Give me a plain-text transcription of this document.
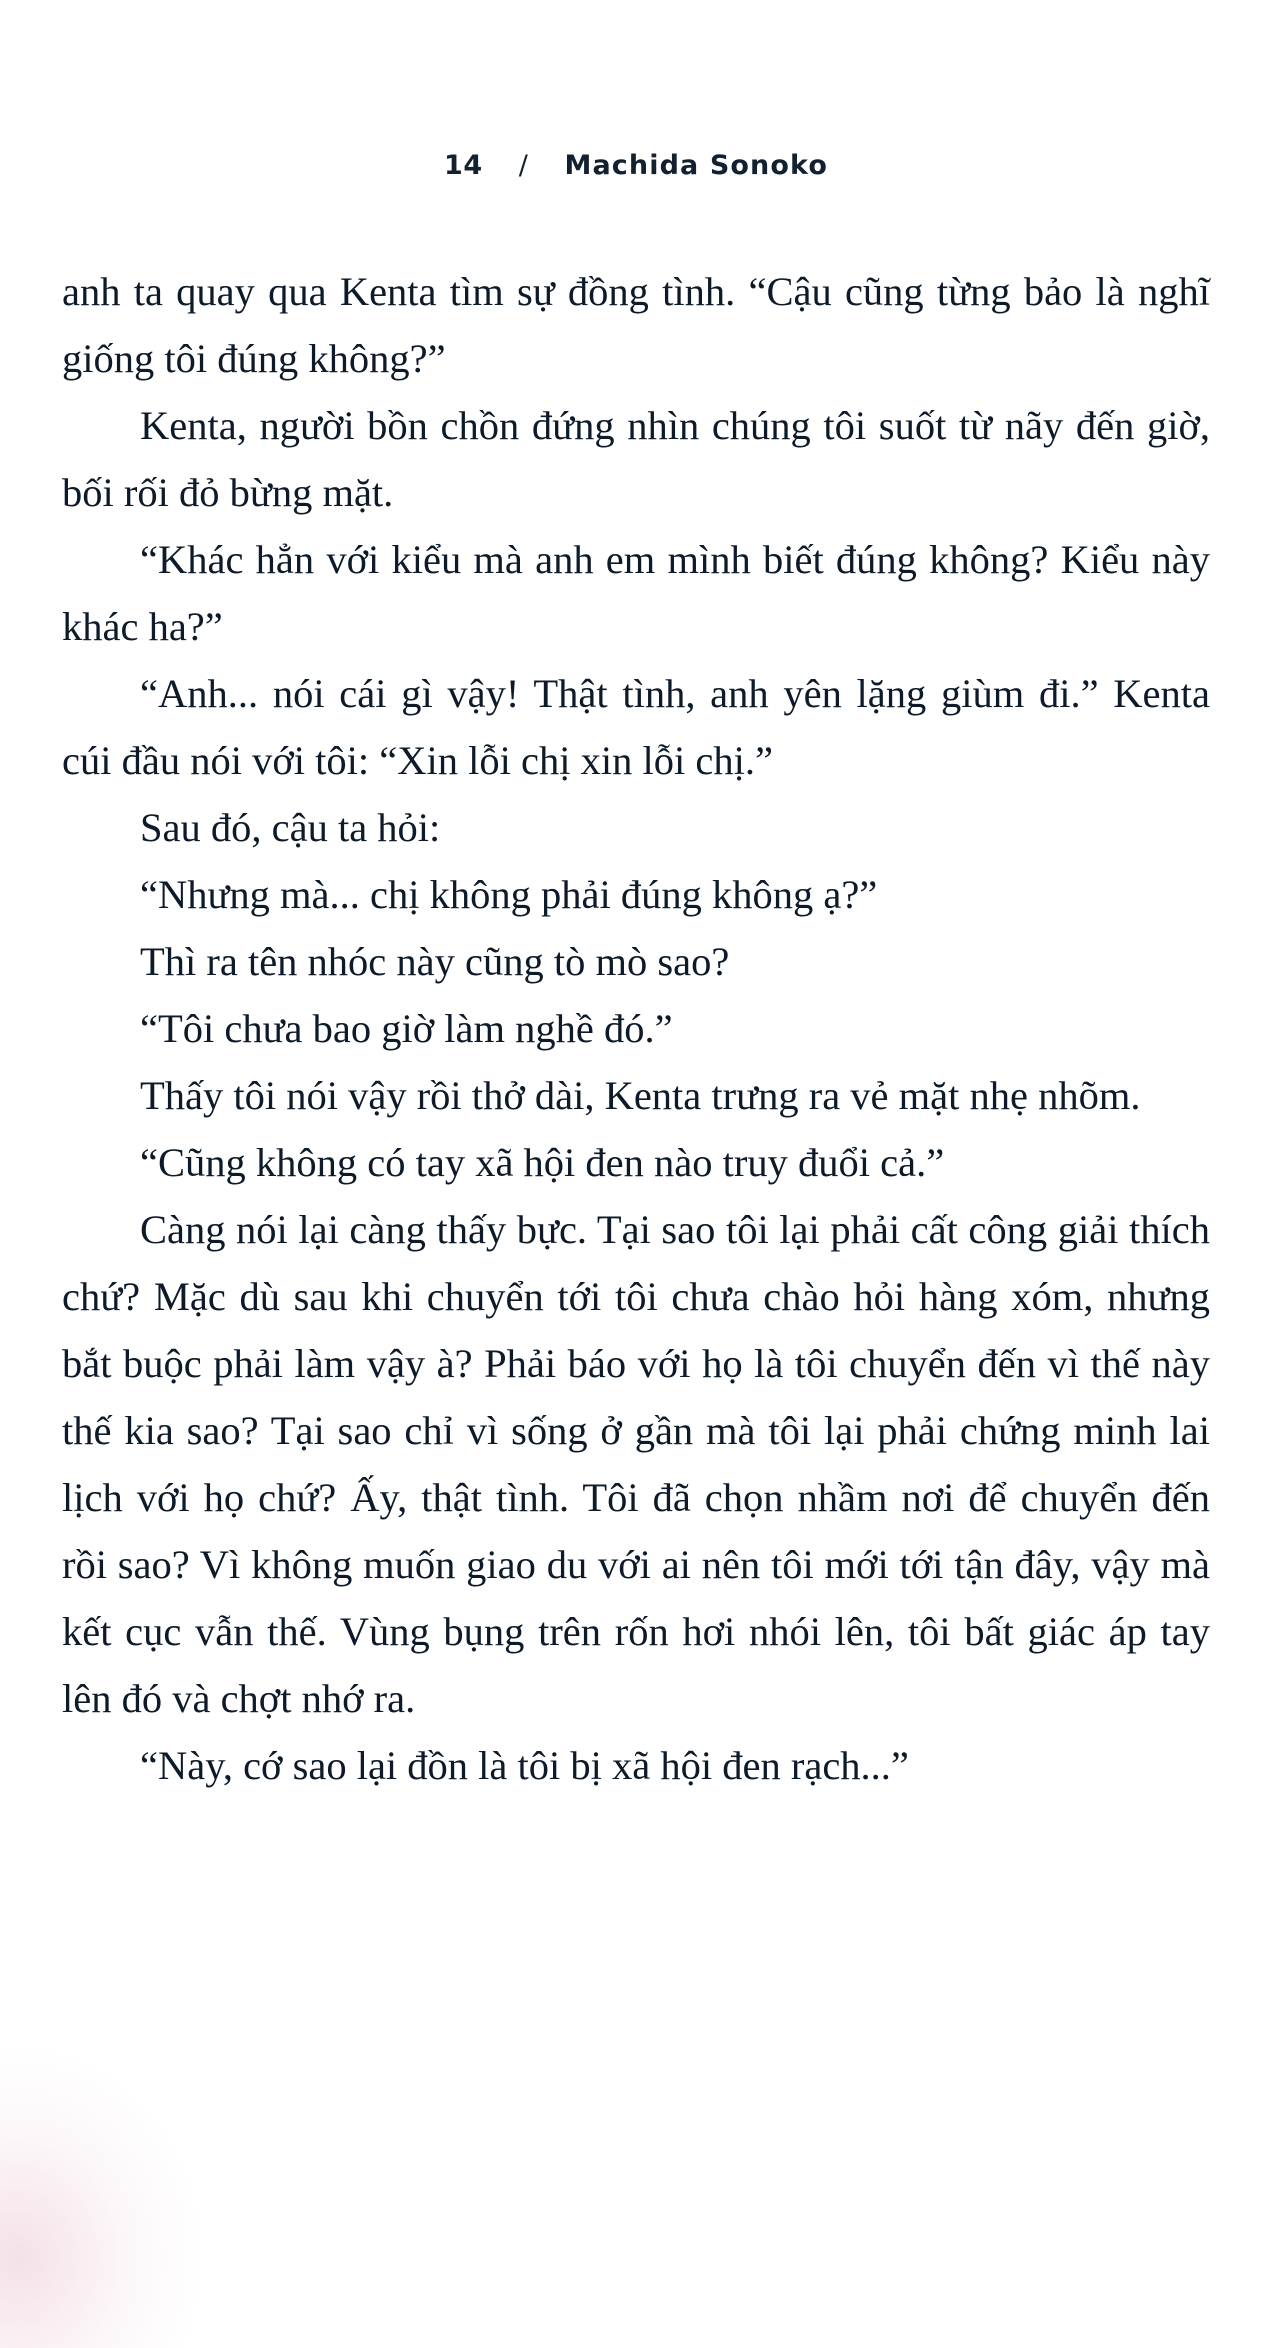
14 / Machida Sonoko

anh ta quay qua Kenta tìm sự đồng tình. “Cậu cũng từng bảo là nghĩ giống tôi đúng không?”

Kenta, người bồn chồn đứng nhìn chúng tôi suốt từ nãy đến giờ, bối rối đỏ bừng mặt.

“Khác hẳn với kiểu mà anh em mình biết đúng không? Kiểu này khác ha?”

“Anh... nói cái gì vậy! Thật tình, anh yên lặng giùm đi.” Kenta cúi đầu nói với tôi: “Xin lỗi chị xin lỗi chị.”

Sau đó, cậu ta hỏi:

“Nhưng mà... chị không phải đúng không ạ?”

Thì ra tên nhóc này cũng tò mò sao?

“Tôi chưa bao giờ làm nghề đó.”

Thấy tôi nói vậy rồi thở dài, Kenta trưng ra vẻ mặt nhẹ nhõm.

“Cũng không có tay xã hội đen nào truy đuổi cả.”

Càng nói lại càng thấy bực. Tại sao tôi lại phải cất công giải thích chứ? Mặc dù sau khi chuyển tới tôi chưa chào hỏi hàng xóm, nhưng bắt buộc phải làm vậy à? Phải báo với họ là tôi chuyển đến vì thế này thế kia sao? Tại sao chỉ vì sống ở gần mà tôi lại phải chứng minh lai lịch với họ chứ? Ấy, thật tình. Tôi đã chọn nhầm nơi để chuyển đến rồi sao? Vì không muốn giao du với ai nên tôi mới tới tận đây, vậy mà kết cục vẫn thế. Vùng bụng trên rốn hơi nhói lên, tôi bất giác áp tay lên đó và chợt nhớ ra.

“Này, cớ sao lại đồn là tôi bị xã hội đen rạch...”
